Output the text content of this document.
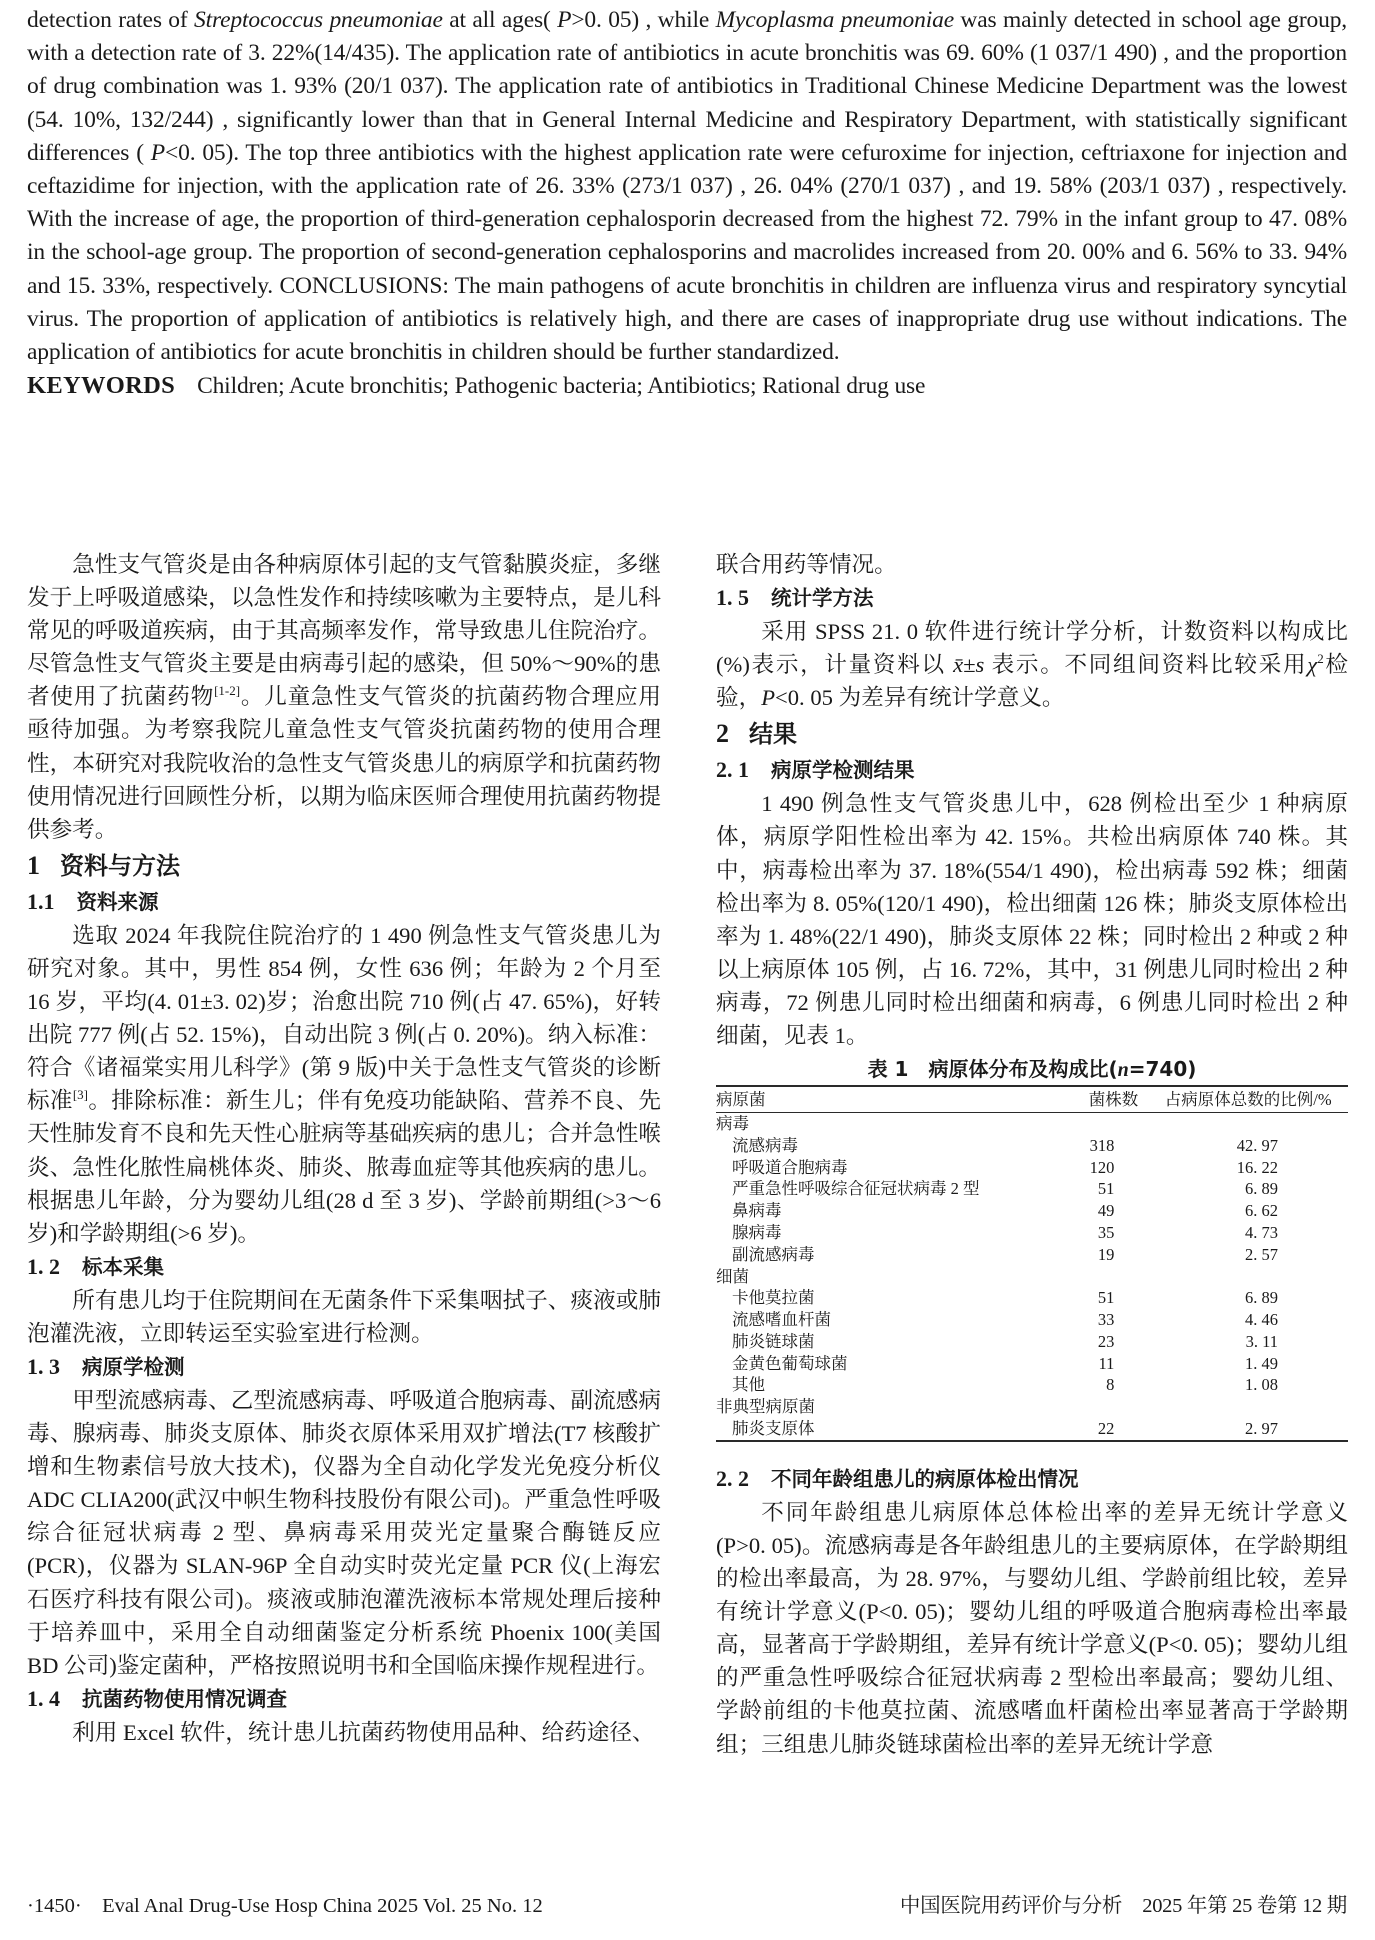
detection rates of Streptococcus pneumoniae at all ages( P>0. 05) , while Mycoplasma pneumoniae was mainly detected in school age group, with a detection rate of 3. 22%(14/435). The application rate of antibiotics in acute bronchitis was 69. 60% (1 037/1 490) , and the proportion of drug combination was 1. 93% (20/1 037). The application rate of antibiotics in Traditional Chinese Medicine Department was the lowest (54. 10%, 132/244) , significantly lower than that in General Internal Medicine and Respiratory Department, with statistically significant differences ( P<0. 05). The top three antibiotics with the highest application rate were cefuroxime for injection, ceftriaxone for injection and ceftazidime for injection, with the application rate of 26. 33% (273/1 037) , 26. 04% (270/1 037) , and 19. 58% (203/1 037) , respectively. With the increase of age, the proportion of third-generation cephalosporin decreased from the highest 72. 79% in the infant group to 47. 08% in the school-age group. The proportion of second-generation cephalosporins and macrolides increased from 20. 00% and 6. 56% to 33. 94% and 15. 33%, respectively. CONCLUSIONS: The main pathogens of acute bronchitis in children are influenza virus and respiratory syncytial virus. The proportion of application of antibiotics is relatively high, and there are cases of inappropriate drug use without indications. The application of antibiotics for acute bronchitis in children should be further standardized.

KEYWORDS Children; Acute bronchitis; Pathogenic bacteria; Antibiotics; Rational drug use

急性支气管炎是由各种病原体引起的支气管黏膜炎症，多继发于上呼吸道感染，以急性发作和持续咳嗽为主要特点，是儿科常见的呼吸道疾病，由于其高频率发作，常导致患儿住院治疗。尽管急性支气管炎主要是由病毒引起的感染，但 50%～90%的患者使用了抗菌药物[1-2]。儿童急性支气管炎的抗菌药物合理应用亟待加强。为考察我院儿童急性支气管炎抗菌药物的使用合理性，本研究对我院收治的急性支气管炎患儿的病原学和抗菌药物使用情况进行回顾性分析，以期为临床医师合理使用抗菌药物提供参考。

1 资料与方法
1.1 资料来源

选取 2024 年我院住院治疗的 1 490 例急性支气管炎患儿为研究对象。其中，男性 854 例，女性 636 例；年龄为 2 个月至 16 岁，平均(4. 01±3. 02)岁；治愈出院 710 例(占 47. 65%)，好转出院 777 例(占 52. 15%)，自动出院 3 例(占 0. 20%)。纳入标准：符合《诸福棠实用儿科学》(第 9 版)中关于急性支气管炎的诊断标准[3]。排除标准：新生儿；伴有免疫功能缺陷、营养不良、先天性肺发育不良和先天性心脏病等基础疾病的患儿；合并急性喉炎、急性化脓性扁桃体炎、肺炎、脓毒血症等其他疾病的患儿。根据患儿年龄，分为婴幼儿组(28 d 至 3 岁)、学龄前期组(>3～6 岁)和学龄期组(>6 岁)。

1. 2 标本采集

所有患儿均于住院期间在无菌条件下采集咽拭子、痰液或肺泡灌洗液，立即转运至实验室进行检测。

1. 3 病原学检测

甲型流感病毒、乙型流感病毒、呼吸道合胞病毒、副流感病毒、腺病毒、肺炎支原体、肺炎衣原体采用双扩增法(T7 核酸扩增和生物素信号放大技术)，仪器为全自动化学发光免疫分析仪 ADC CLIA200(武汉中帜生物科技股份有限公司)。严重急性呼吸综合征冠状病毒 2 型、鼻病毒采用荧光定量聚合酶链反应(PCR)，仪器为 SLAN-96P 全自动实时荧光定量 PCR 仪(上海宏石医疗科技有限公司)。痰液或肺泡灌洗液标本常规处理后接种于培养皿中，采用全自动细菌鉴定分析系统 Phoenix 100(美国 BD 公司)鉴定菌种，严格按照说明书和全国临床操作规程进行。

1. 4 抗菌药物使用情况调查

利用 Excel 软件，统计患儿抗菌药物使用品种、给药途径、

联合用药等情况。

1. 5 统计学方法

采用 SPSS 21. 0 软件进行统计学分析，计数资料以构成比(%)表示，计量资料以 x̄±s 表示。不同组间资料比较采用$\chi^2$检验，P<0. 05 为差异有统计学意义。

2 结果
2. 1 病原学检测结果

1 490 例急性支气管炎患儿中，628 例检出至少 1 种病原体，病原学阳性检出率为 42. 15%。共检出病原体 740 株。其中，病毒检出率为 37. 18%(554/1 490)，检出病毒 592 株；细菌检出率为 8. 05%(120/1 490)，检出细菌 126 株；肺炎支原体检出率为 1. 48%(22/1 490)，肺炎支原体 22 株；同时检出 2 种或 2 种以上病原体 105 例，占 16. 72%，其中，31 例患儿同时检出 2 种病毒，72 例患儿同时检出细菌和病毒，6 例患儿同时检出 2 种细菌，见表 1。

表 1　病原体分布及构成比(n=740)
病原菌	菌株数	占病原体总数的比例/%
病毒		
流感病毒	318	42. 97
呼吸道合胞病毒	120	16. 22
严重急性呼吸综合征冠状病毒 2 型	51	6. 89
鼻病毒	49	6. 62
腺病毒	35	4. 73
副流感病毒	19	2. 57
细菌		
卡他莫拉菌	51	6. 89
流感嗜血杆菌	33	4. 46
肺炎链球菌	23	3. 11
金黄色葡萄球菌	11	1. 49
其他	8	1. 08
非典型病原菌		
肺炎支原体	22	2. 97
2. 2 不同年龄组患儿的病原体检出情况

不同年龄组患儿病原体总体检出率的差异无统计学意义(P>0. 05)。流感病毒是各年龄组患儿的主要病原体，在学龄期组的检出率最高，为 28. 97%，与婴幼儿组、学龄前组比较，差异有统计学意义(P<0. 05)；婴幼儿组的呼吸道合胞病毒检出率最高，显著高于学龄期组，差异有统计学意义(P<0. 05)；婴幼儿组的严重急性呼吸综合征冠状病毒 2 型检出率最高；婴幼儿组、学龄前组的卡他莫拉菌、流感嗜血杆菌检出率显著高于学龄期组；三组患儿肺炎链球菌检出率的差异无统计学意

·1450·　Eval Anal Drug-Use Hosp China 2025 Vol. 25 No. 12	中国医院用药评价与分析　2025 年第 25 卷第 12 期
